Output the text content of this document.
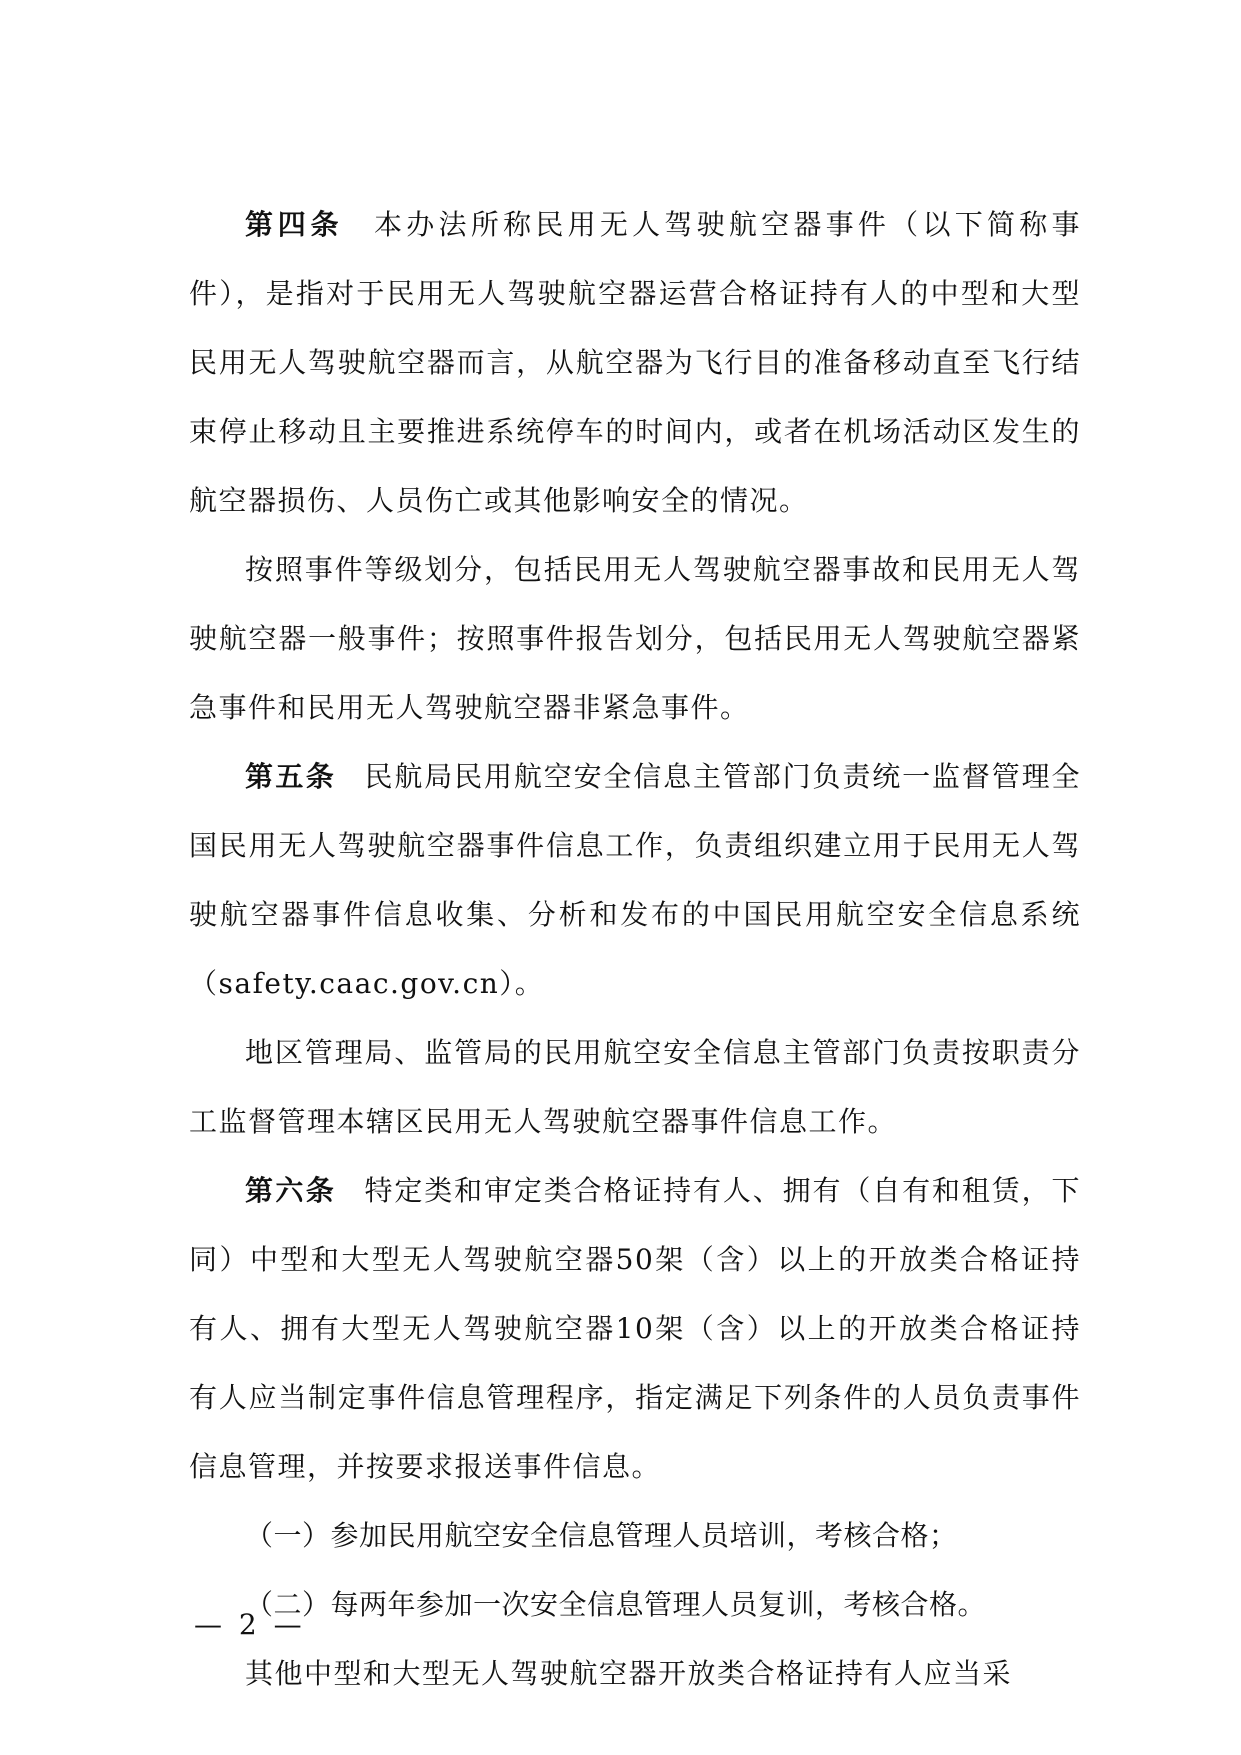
第四条 本办法所称民用无人驾驶航空器事件（以下简称事件），是指对于民用无人驾驶航空器运营合格证持有人的中型和大型民用无人驾驶航空器而言，从航空器为飞行目的准备移动直至飞行结束停止移动且主要推进系统停车的时间内，或者在机场活动区发生的航空器损伤、人员伤亡或其他影响安全的情况。

按照事件等级划分，包括民用无人驾驶航空器事故和民用无人驾驶航空器一般事件；按照事件报告划分，包括民用无人驾驶航空器紧急事件和民用无人驾驶航空器非紧急事件。

第五条 民航局民用航空安全信息主管部门负责统一监督管理全国民用无人驾驶航空器事件信息工作，负责组织建立用于民用无人驾驶航空器事件信息收集、分析和发布的中国民用航空安全信息系统（safety.caac.gov.cn）。

地区管理局、监管局的民用航空安全信息主管部门负责按职责分工监督管理本辖区民用无人驾驶航空器事件信息工作。

第六条 特定类和审定类合格证持有人、拥有（自有和租赁，下同）中型和大型无人驾驶航空器50架（含）以上的开放类合格证持有人、拥有大型无人驾驶航空器10架（含）以上的开放类合格证持有人应当制定事件信息管理程序，指定满足下列条件的人员负责事件信息管理，并按要求报送事件信息。

（一）参加民用航空安全信息管理人员培训，考核合格；

（二）每两年参加一次安全信息管理人员复训，考核合格。

其他中型和大型无人驾驶航空器开放类合格证持有人应当采

— 2 —
